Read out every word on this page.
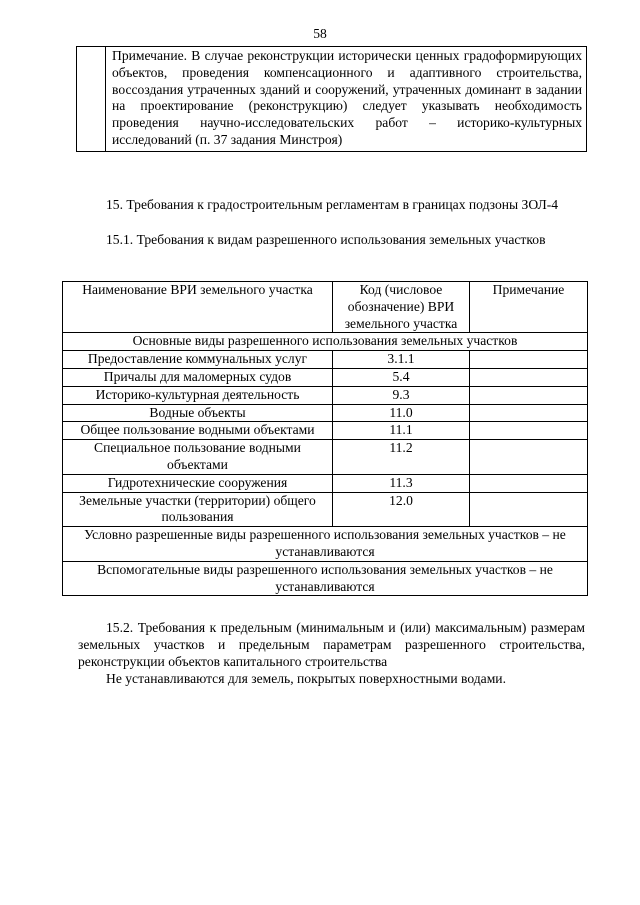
58
	Примечание. В случае реконструкции исторически ценных градоформирующих объектов, проведения компенсационного и адаптивного строительства, воссоздания утраченных зданий и сооружений, утраченных доминант в задании на проектирование (реконструкцию) следует указывать необходимость проведения научно-исследовательских работ – историко-культурных исследований (п. 37 задания Минстроя)

15. Требования к градостроительным регламентам в границах подзоны ЗОЛ-4

15.1. Требования к видам разрешенного использования земельных участков

Наименование ВРИ земельного участка	Код (числовое обозначение) ВРИ земельного участка	Примечание
Основные виды разрешенного использования земельных участков		
Предоставление коммунальных услуг	3.1.1	
Причалы для маломерных судов	5.4	
Историко-культурная деятельность	9.3	
Водные объекты	11.0	
Общее пользование водными объектами	11.1	
Специальное пользование водными объектами	11.2	
Гидротехнические сооружения	11.3	
Земельные участки (территории) общего пользования	12.0	
Условно разрешенные виды разрешенного использования земельных участков – не устанавливаются		
Вспомогательные виды разрешенного использования земельных участков – не устанавливаются		

15.2. Требования к предельным (минимальным и (или) максимальным) размерам земельных участков и предельным параметрам разрешенного строительства, реконструкции объектов капитального строительства

Не устанавливаются для земель, покрытых поверхностными водами.
